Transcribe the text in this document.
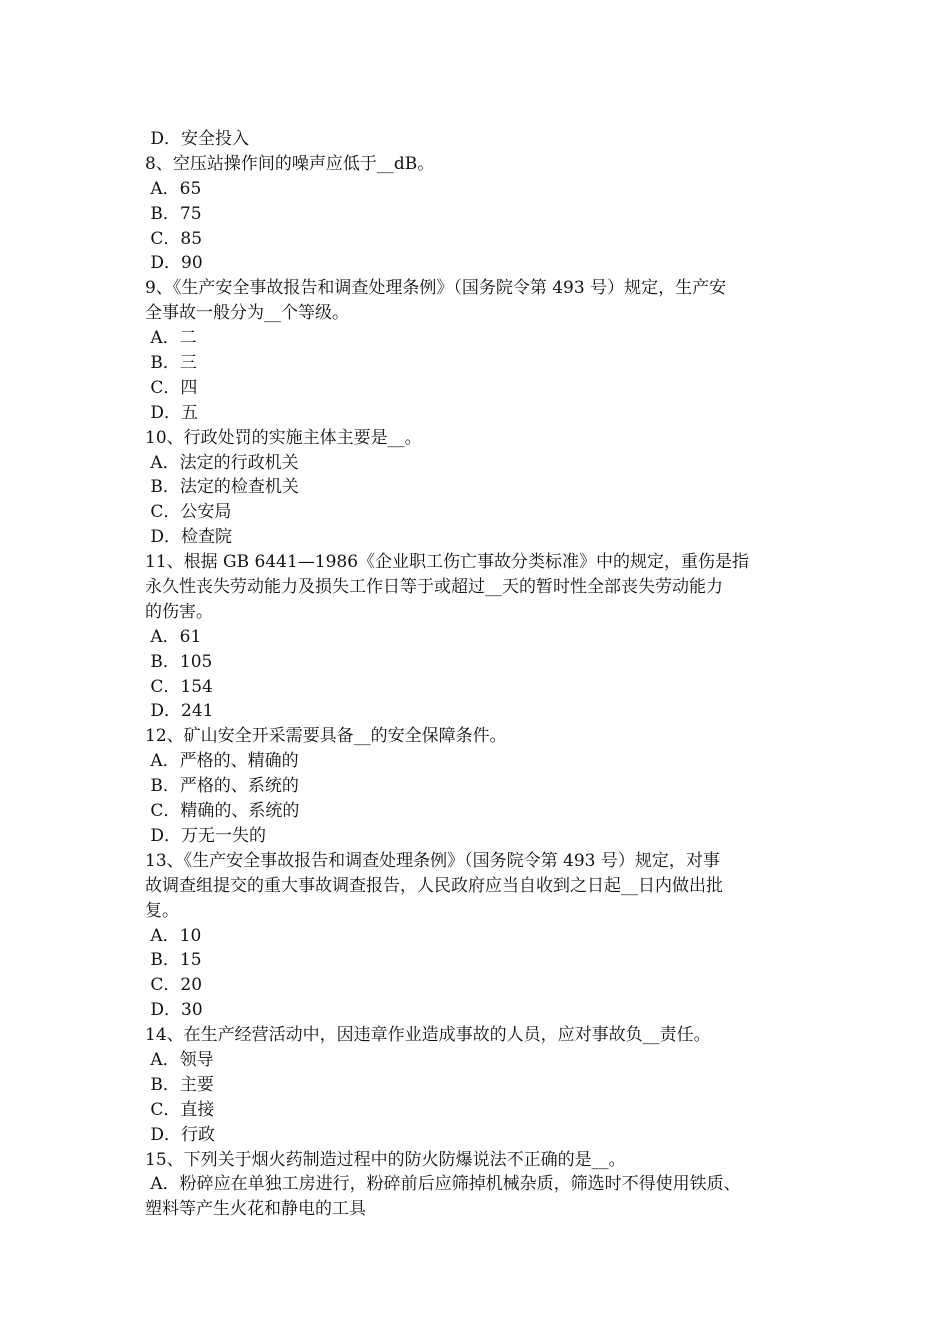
D．安全投入
8、空压站操作间的噪声应低于__dB。
A．65
B．75
C．85
D．90
9、《生产安全事故报告和调查处理条例》（国务院令第 493 号）规定，生产安
全事故一般分为__个等级。
A．二
B．三
C．四
D．五
10、行政处罚的实施主体主要是__。
A．法定的行政机关
B．法定的检查机关
C．公安局
D．检查院
11、根据 GB 6441—1986《企业职工伤亡事故分类标准》中的规定，重伤是指
永久性丧失劳动能力及损失工作日等于或超过__天的暂时性全部丧失劳动能力
的伤害。
A．61
B．105
C．154
D．241
12、矿山安全开采需要具备__的安全保障条件。
A．严格的、精确的
B．严格的、系统的
C．精确的、系统的
D．万无一失的
13、《生产安全事故报告和调查处理条例》（国务院令第 493 号）规定，对事
故调查组提交的重大事故调查报告，人民政府应当自收到之日起__日内做出批
复。
A．10
B．15
C．20
D．30
14、在生产经营活动中，因违章作业造成事故的人员，应对事故负__责任。
A．领导
B．主要
C．直接
D．行政
15、下列关于烟火药制造过程中的防火防爆说法不正确的是__。
A．粉碎应在单独工房进行，粉碎前后应筛掉机械杂质，筛选时不得使用铁质、
塑料等产生火花和静电的工具
